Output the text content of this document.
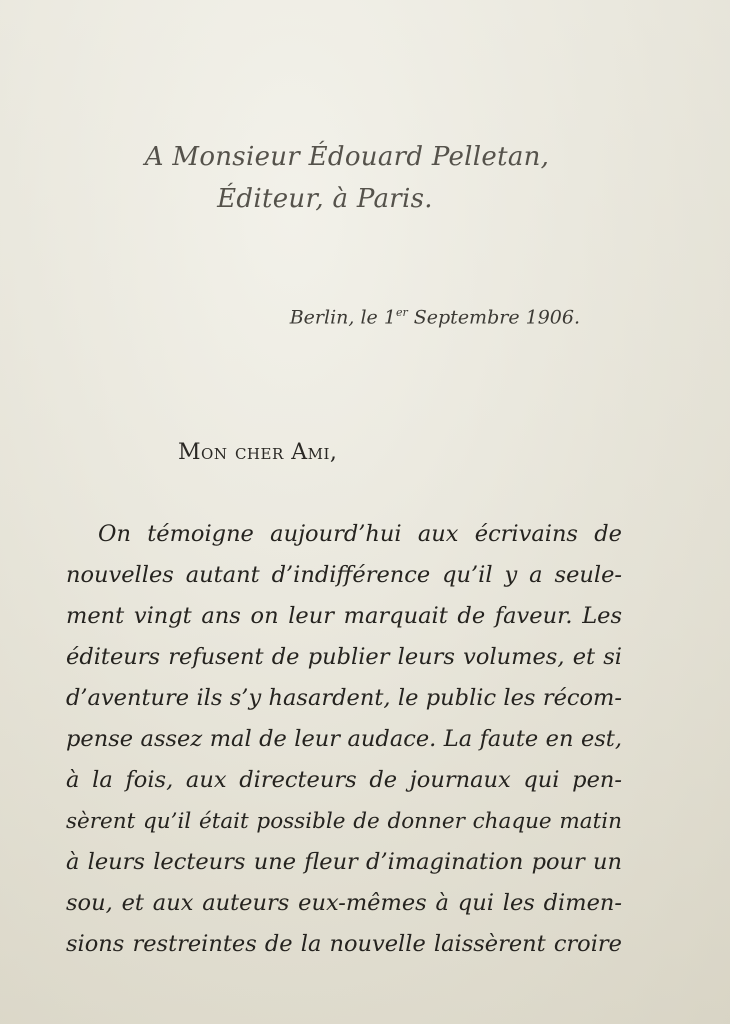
A Monsieur Édouard Pelletan,
Éditeur, à Paris.
Berlin, le 1er Septembre 1906.
Mon cher Ami,
On témoigne aujourd’hui aux écrivains de
nouvelles autant d’indifférence qu’il y a seule-
ment vingt ans on leur marquait de faveur. Les
éditeurs refusent de publier leurs volumes, et si
d’aventure ils s’y hasardent, le public les récom-
pense assez mal de leur audace. La faute en est,
à la fois, aux directeurs de journaux qui pen-
sèrent qu’il était possible de donner chaque matin
à leurs lecteurs une fleur d’imagination pour un
sou, et aux auteurs eux-mêmes à qui les dimen-
sions restreintes de la nouvelle laissèrent croire
